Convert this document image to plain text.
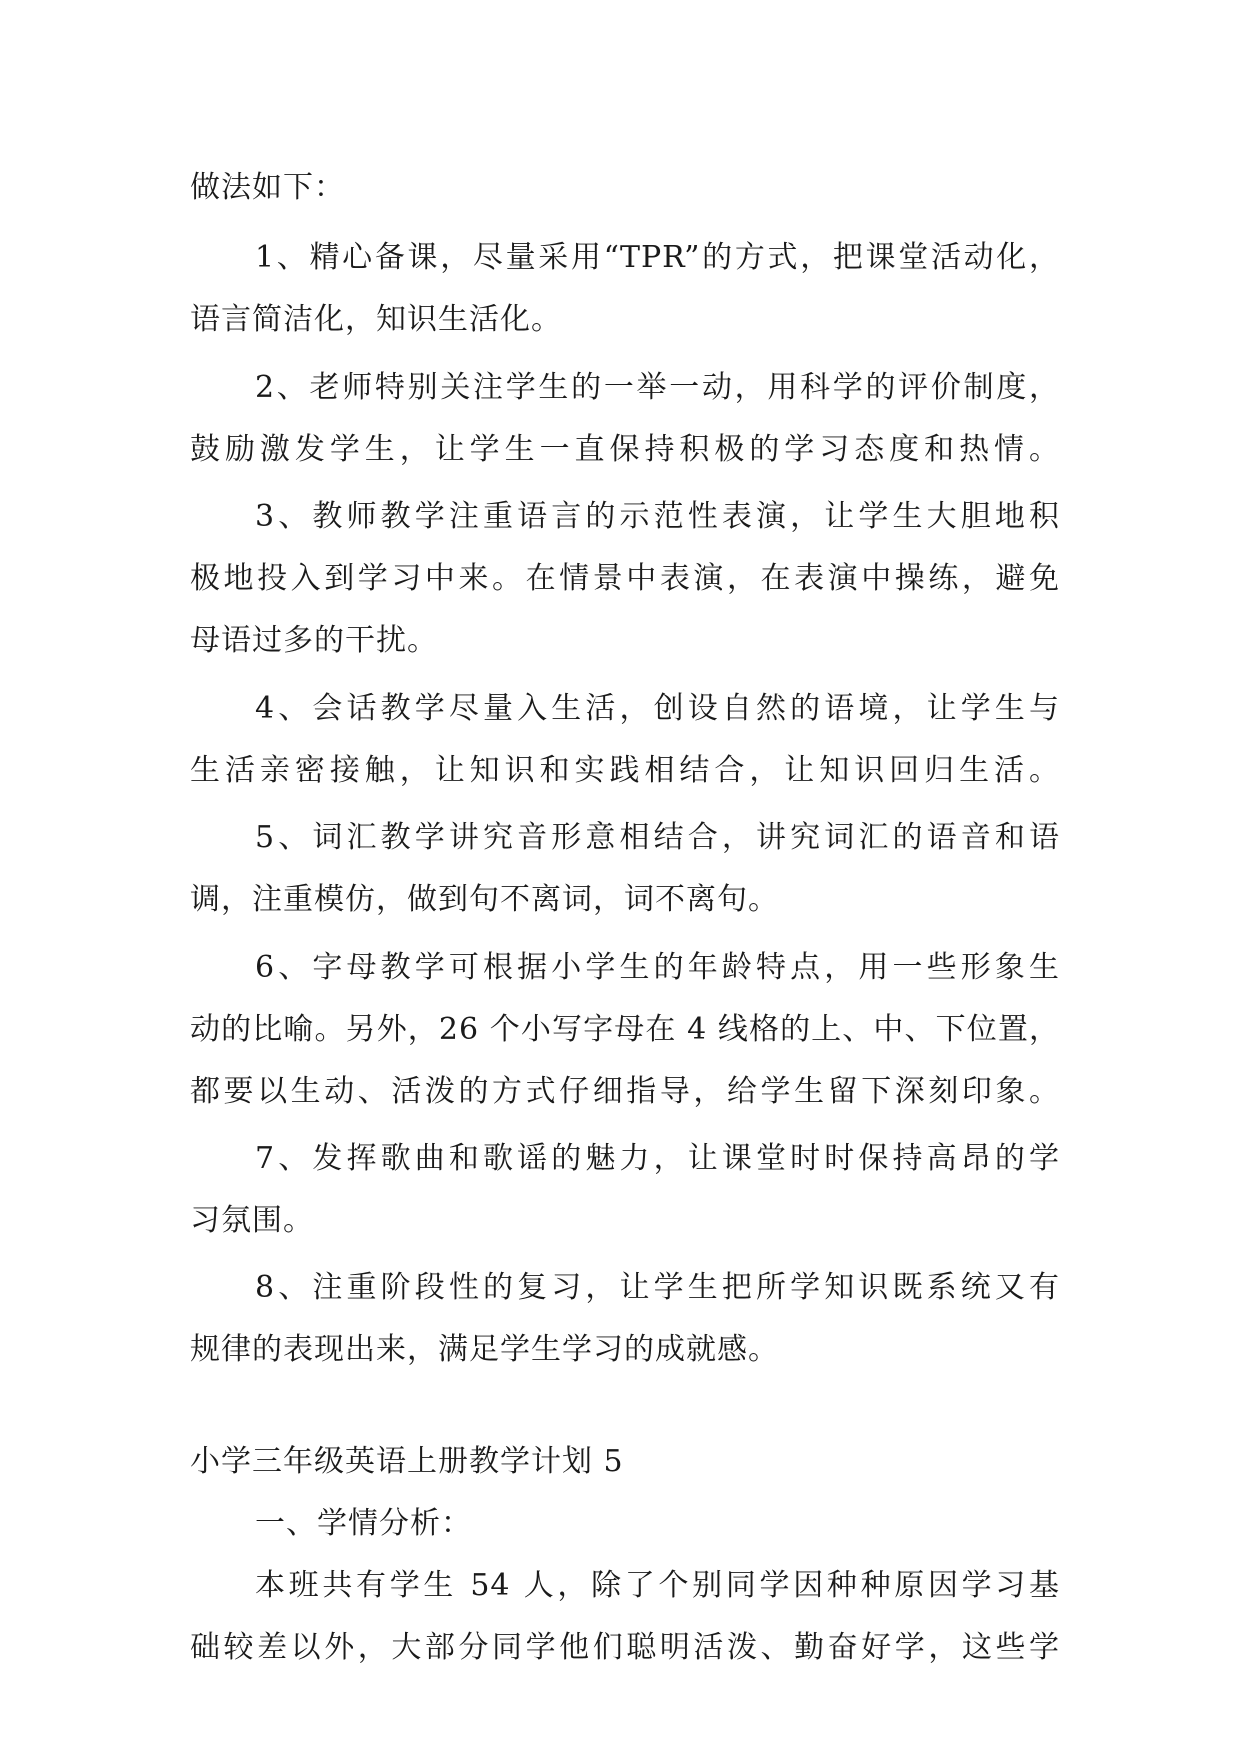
做法如下：
1、精心备课，尽量采用“TPR”的方式，把课堂活动化，
语言简洁化，知识生活化。
2、老师特别关注学生的一举一动，用科学的评价制度，
鼓励激发学生，让学生一直保持积极的学习态度和热情。
3、教师教学注重语言的示范性表演，让学生大胆地积
极地投入到学习中来。在情景中表演，在表演中操练，避免
母语过多的干扰。
4、会话教学尽量入生活，创设自然的语境，让学生与
生活亲密接触，让知识和实践相结合，让知识回归生活。
5、词汇教学讲究音形意相结合，讲究词汇的语音和语
调，注重模仿，做到句不离词，词不离句。
6、字母教学可根据小学生的年龄特点，用一些形象生
动的比喻。另外，26 个小写字母在 4 线格的上、中、下位置，
都要以生动、活泼的方式仔细指导，给学生留下深刻印象。
7、发挥歌曲和歌谣的魅力，让课堂时时保持高昂的学
习氛围。
8、注重阶段性的复习，让学生把所学知识既系统又有
规律的表现出来，满足学生学习的成就感。
小学三年级英语上册教学计划 5
一、学情分析：
本班共有学生 54 人，除了个别同学因种种原因学习基
础较差以外，大部分同学他们聪明活泼、勤奋好学，这些学
